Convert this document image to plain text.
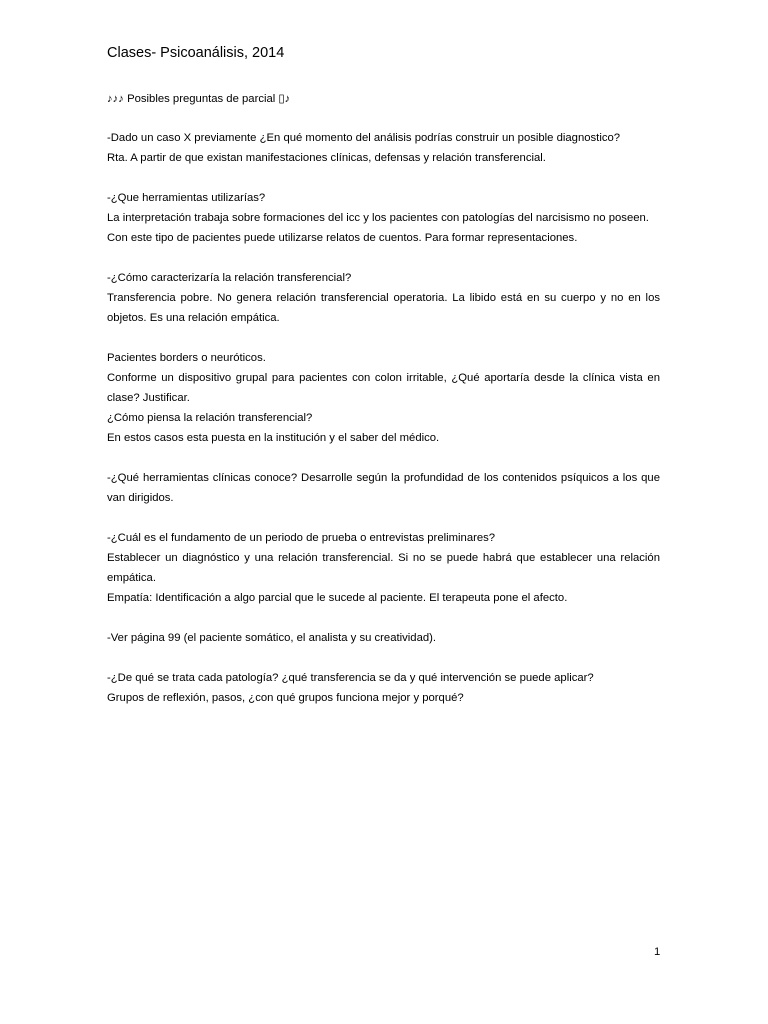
Clases- Psicoanálisis, 2014
♪♪♪ Posibles preguntas de parcial ▯♪
-Dado un caso X previamente ¿En qué momento del análisis podrías construir un posible diagnostico?
Rta. A partir de que existan manifestaciones clínicas, defensas y relación transferencial.
-¿Que herramientas utilizarías?
La interpretación trabaja sobre formaciones del icc y los pacientes con patologías del narcisismo no poseen.
Con este tipo de pacientes puede utilizarse relatos de cuentos. Para formar representaciones.
-¿Cómo caracterizaría la relación transferencial?
Transferencia pobre. No genera relación transferencial operatoria. La libido está en su cuerpo y no en los
objetos. Es una relación empática.
Pacientes borders o neuróticos.
Conforme un dispositivo grupal para pacientes con colon irritable, ¿Qué aportaría desde la clínica vista en
clase? Justificar.
¿Cómo piensa la relación transferencial?
En estos casos esta puesta en la institución y el saber del médico.
-¿Qué herramientas clínicas conoce? Desarrolle según la profundidad de los contenidos psíquicos a los que
van dirigidos.
-¿Cuál es el fundamento de un periodo de prueba o entrevistas preliminares?
Establecer un diagnóstico y una relación transferencial. Si no se puede habrá que establecer una relación
empática.
Empatía: Identificación a algo parcial que le sucede al paciente. El terapeuta pone el afecto.
-Ver página 99 (el paciente somático, el analista y su creatividad).
-¿De qué se trata cada patología? ¿qué transferencia se da y qué intervención se puede aplicar?
Grupos de reflexión, pasos, ¿con qué grupos funciona mejor y porqué?
1
